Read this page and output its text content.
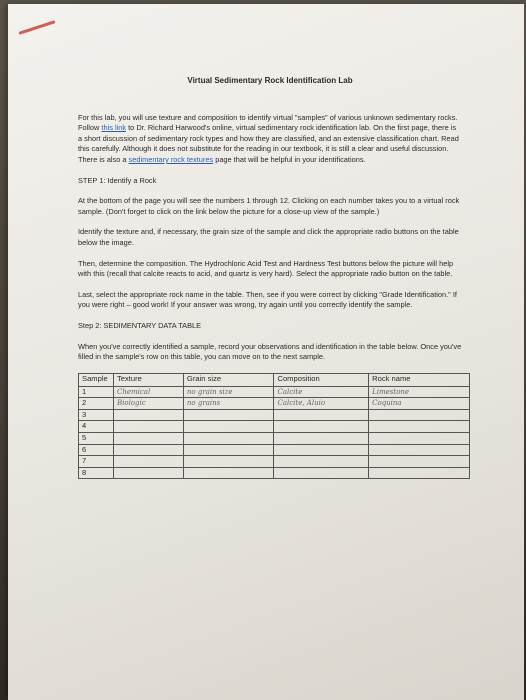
Virtual Sedimentary Rock Identification Lab

For this lab, you will use texture and composition to identify virtual "samples" of various unknown sedimentary rocks. Follow this link to Dr. Richard Harwood's online, virtual sedimentary rock identification lab. On the first page, there is a short discussion of sedimentary rock types and how they are classified, and an extensive classification chart. Read this carefully. Although it does not substitute for the reading in our textbook, it is still a clear and useful discussion. There is also a sedimentary rock textures page that will be helpful in your identifications.

STEP 1: Identify a Rock

At the bottom of the page you will see the numbers 1 through 12. Clicking on each number takes you to a virtual rock sample. (Don't forget to click on the link below the picture for a close-up view of the sample.)

Identify the texture and, if necessary, the grain size of the sample and click the appropriate radio buttons on the table below the image.

Then, determine the composition. The Hydrochloric Acid Test and Hardness Test buttons below the picture will help with this (recall that calcite reacts to acid, and quartz is very hard). Select the appropriate radio button on the table.

Last, select the appropriate rock name in the table. Then, see if you were correct by clicking "Grade Identification." If you were right – good work! If your answer was wrong, try again until you correctly identify the sample.

Step 2: SEDIMENTARY DATA TABLE

When you've correctly identified a sample, record your observations and identification in the table below. Once you've filled in the sample's row on this table, you can move on to the next sample.

Sample	Texture	Grain size	Composition	Rock name
1	Chemical	no grain size	Calcite	Limestone
2	Biologic	no grains	Calcite, Aluio	Coquina
3				
4				
5				
6				
7				
8				
